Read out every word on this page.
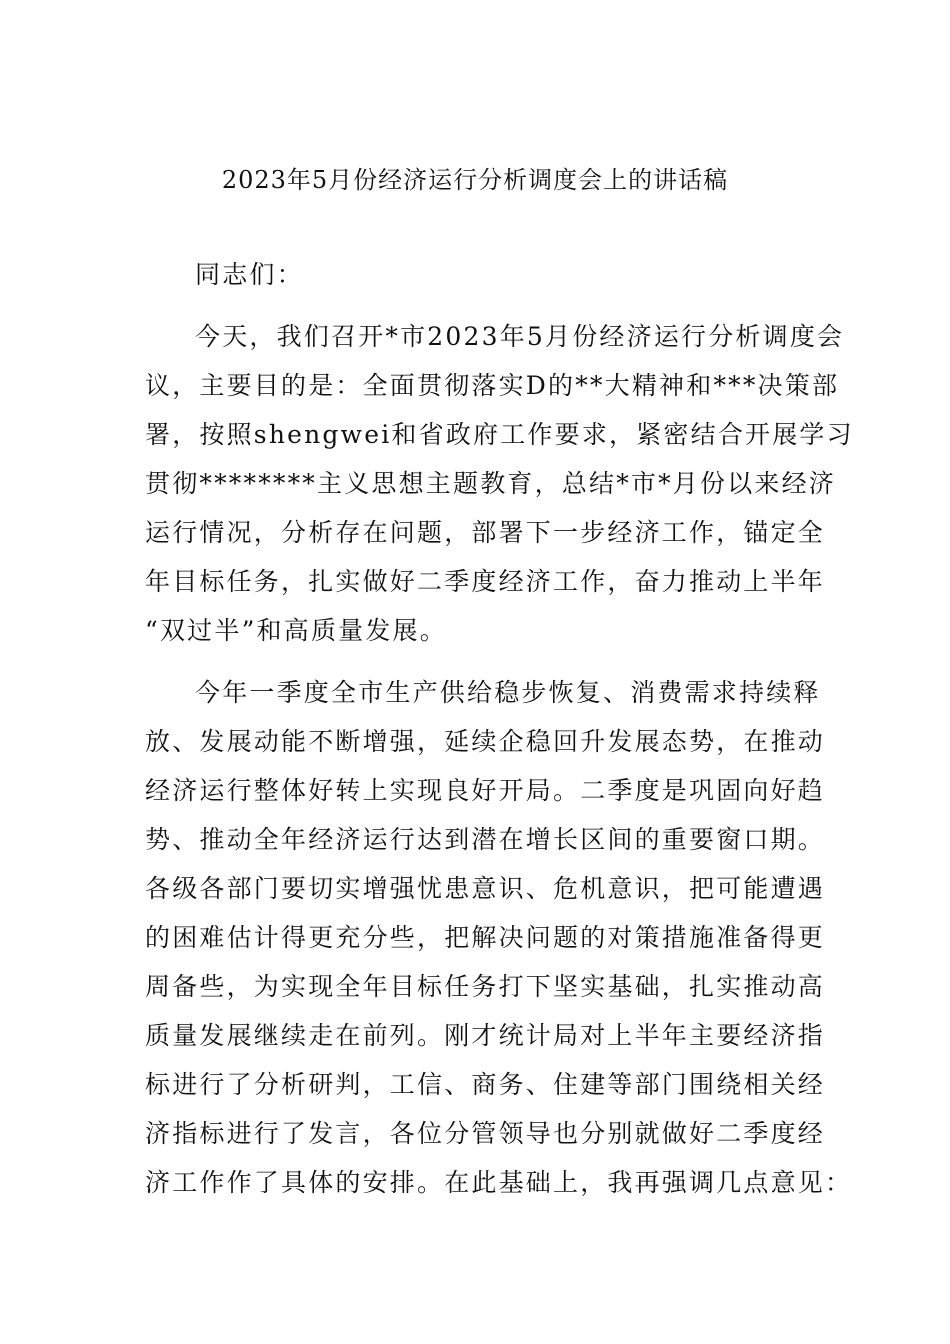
2023年5月份经济运行分析调度会上的讲话稿
同志们：
今天，我们召开*市2023年5月份经济运行分析调度会
议，主要目的是：全面贯彻落实D的**大精神和***决策部
署，按照shengwei和省政府工作要求，紧密结合开展学习
贯彻********主义思想主题教育，总结*市*月份以来经济
运行情况，分析存在问题，部署下一步经济工作，锚定全
年目标任务，扎实做好二季度经济工作，奋力推动上半年
“双过半”和高质量发展。
今年一季度全市生产供给稳步恢复、消费需求持续释
放、发展动能不断增强，延续企稳回升发展态势，在推动
经济运行整体好转上实现良好开局。二季度是巩固向好趋
势、推动全年经济运行达到潜在增长区间的重要窗口期。
各级各部门要切实增强忧患意识、危机意识，把可能遭遇
的困难估计得更充分些，把解决问题的对策措施准备得更
周备些，为实现全年目标任务打下坚实基础，扎实推动高
质量发展继续走在前列。刚才统计局对上半年主要经济指
标进行了分析研判，工信、商务、住建等部门围绕相关经
济指标进行了发言，各位分管领导也分别就做好二季度经
济工作作了具体的安排。在此基础上，我再强调几点意见：
